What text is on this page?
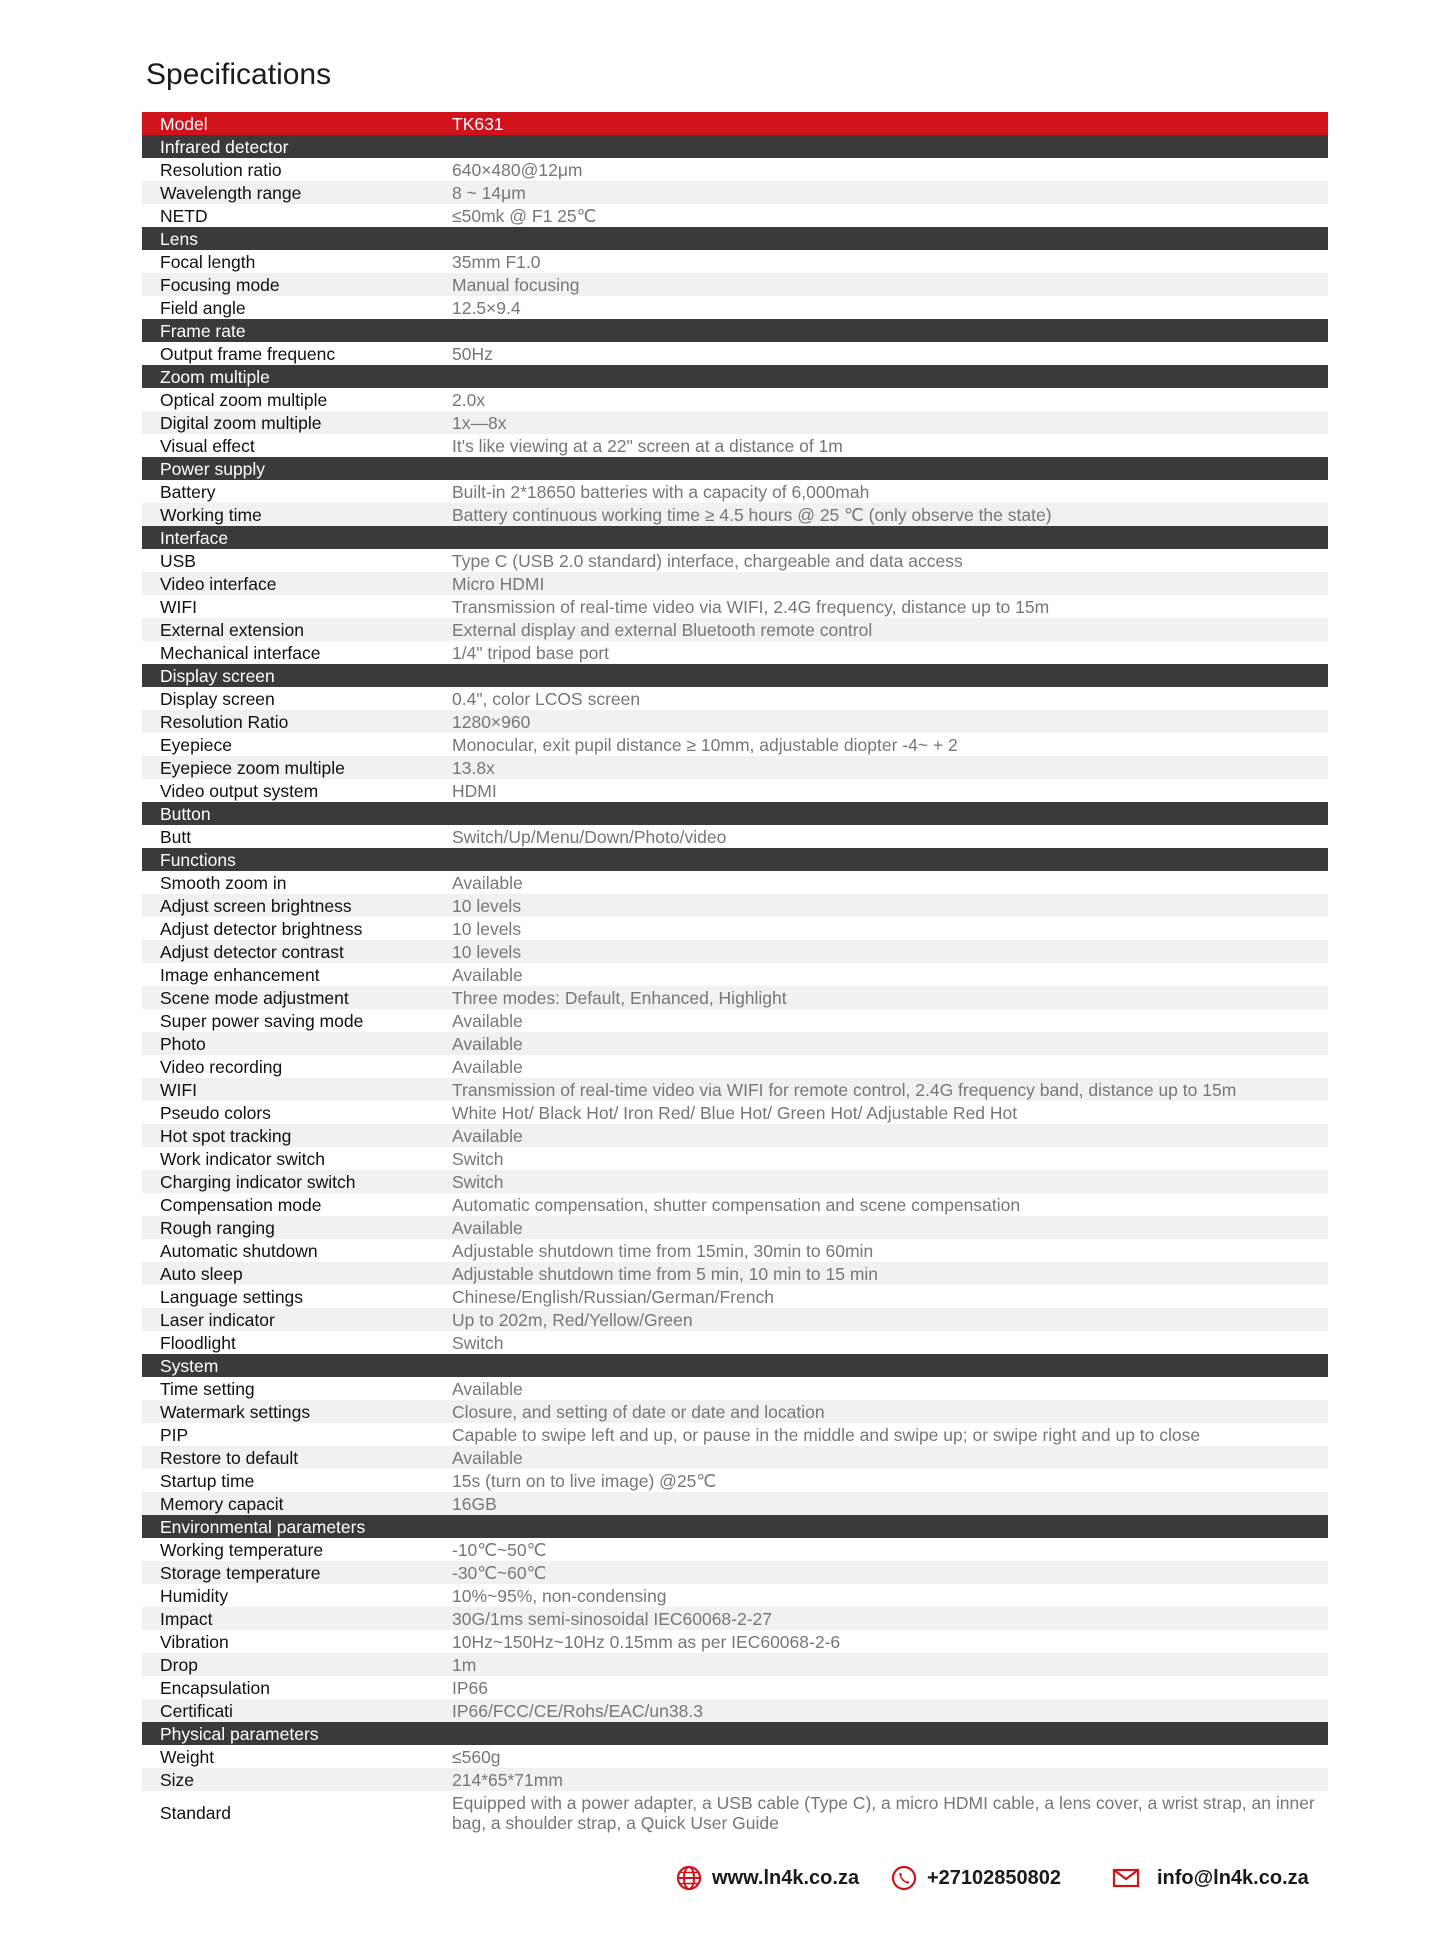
Specifications
Model	TK631
Infrared detector
Resolution ratio	640×480@12μm
Wavelength range	8 ~ 14μm
NETD	≤50mk @ F1 25℃
Lens
Focal length	35mm F1.0
Focusing mode	Manual focusing
Field angle	12.5×9.4
Frame rate
Output frame frequenc	50Hz
Zoom multiple
Optical zoom multiple	2.0x
Digital zoom multiple	1x—8x
Visual effect	It's like viewing at a 22" screen at a distance of 1m
Power supply
Battery	Built-in 2*18650 batteries with a capacity of 6,000mah
Working time	Battery continuous working time ≥ 4.5 hours @ 25 ℃ (only observe the state)
Interface
USB	Type C (USB 2.0 standard) interface, chargeable and data access
Video interface	Micro HDMI
WIFI	Transmission of real-time video via WIFI, 2.4G frequency, distance up to 15m
External extension	External display and external Bluetooth remote control
Mechanical interface	1/4" tripod base port
Display screen
Display screen	0.4", color LCOS screen
Resolution Ratio	1280×960
Eyepiece	Monocular, exit pupil distance ≥ 10mm, adjustable diopter -4~ + 2
Eyepiece zoom multiple	13.8x
Video output system	HDMI
Button
Butt	Switch/Up/Menu/Down/Photo/video
Functions
Smooth zoom in	Available
Adjust screen brightness	10 levels
Adjust detector brightness	10 levels
Adjust detector contrast	10 levels
Image enhancement	Available
Scene mode adjustment	Three modes: Default, Enhanced, Highlight
Super power saving mode	Available
Photo	Available
Video recording	Available
WIFI	Transmission of real-time video via WIFI for remote control, 2.4G frequency band, distance up to 15m
Pseudo colors	White Hot/ Black Hot/ Iron Red/ Blue Hot/ Green Hot/ Adjustable Red Hot
Hot spot tracking	Available
Work indicator switch	Switch
Charging indicator switch	Switch
Compensation mode	Automatic compensation, shutter compensation and scene compensation
Rough ranging	Available
Automatic shutdown	Adjustable shutdown time from 15min, 30min to 60min
Auto sleep	Adjustable shutdown time from 5 min, 10 min to 15 min
Language settings	Chinese/English/Russian/German/French
Laser indicator	Up to 202m, Red/Yellow/Green
Floodlight	Switch
System
Time setting	Available
Watermark settings	Closure, and setting of date or date and location
PIP	Capable to swipe left and up, or pause in the middle and swipe up; or swipe right and up to close
Restore to default	Available
Startup time	15s (turn on to live image) @25℃
Memory capacit	16GB
Environmental parameters
Working temperature	-10℃~50℃
Storage temperature	-30℃~60℃
Humidity	10%~95%, non-condensing
Impact	30G/1ms semi-sinosoidal IEC60068-2-27
Vibration	10Hz~150Hz~10Hz 0.15mm as per IEC60068-2-6
Drop	1m
Encapsulation	IP66
Certificati	IP66/FCC/CE/Rohs/EAC/un38.3
Physical parameters
Weight	≤560g
Size	214*65*71mm
Standard	Equipped with a power adapter, a USB cable (Type C), a micro HDMI cable, a lens cover, a wrist strap, an inner bag, a shoulder strap, a Quick User Guide
www.ln4k.co.za	+27102850802	info@ln4k.co.za
